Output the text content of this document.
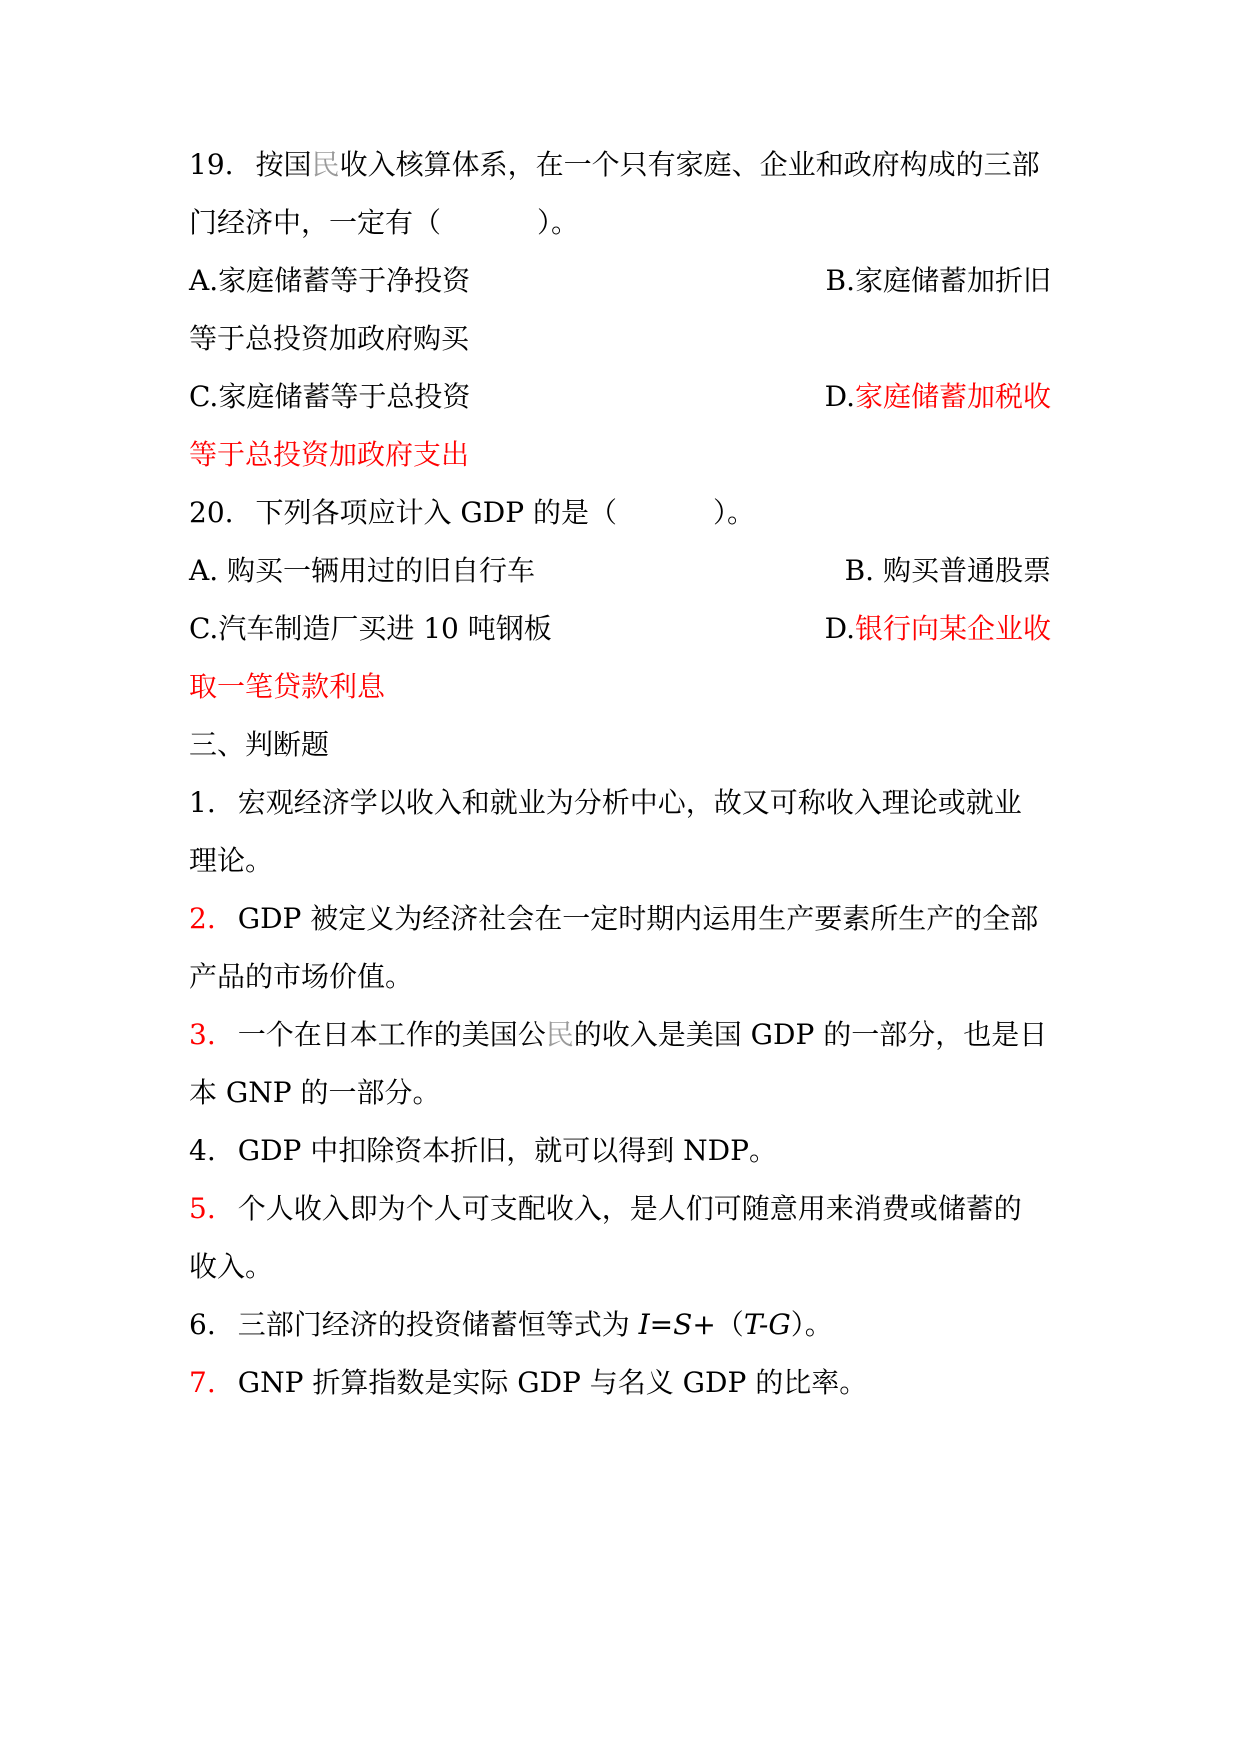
19. 按国民收入核算体系，在一个只有家庭、企业和政府构成的三部
门经济中，一定有（	）。
A.家庭储蓄等于净投资	B.家庭储蓄加折旧
等于总投资加政府购买
C.家庭储蓄等于总投资	D.家庭储蓄加税收
等于总投资加政府支出
20. 下列各项应计入 GDP 的是（	）。
A. 购买一辆用过的旧自行车	B. 购买普通股票
C.汽车制造厂买进 10 吨钢板	D.银行向某企业收
取一笔贷款利息
三、判断题
1. 宏观经济学以收入和就业为分析中心，故又可称收入理论或就业
理论。
2. GDP 被定义为经济社会在一定时期内运用生产要素所生产的全部
产品的市场价值。
3. 一个在日本工作的美国公民的收入是美国 GDP 的一部分，也是日
本 GNP 的一部分。
4. GDP 中扣除资本折旧，就可以得到 NDP。
5. 个人收入即为个人可支配收入，是人们可随意用来消费或储蓄的
收入。
6. 三部门经济的投资储蓄恒等式为 I=S+（T-G）。
7. GNP 折算指数是实际 GDP 与名义 GDP 的比率。
